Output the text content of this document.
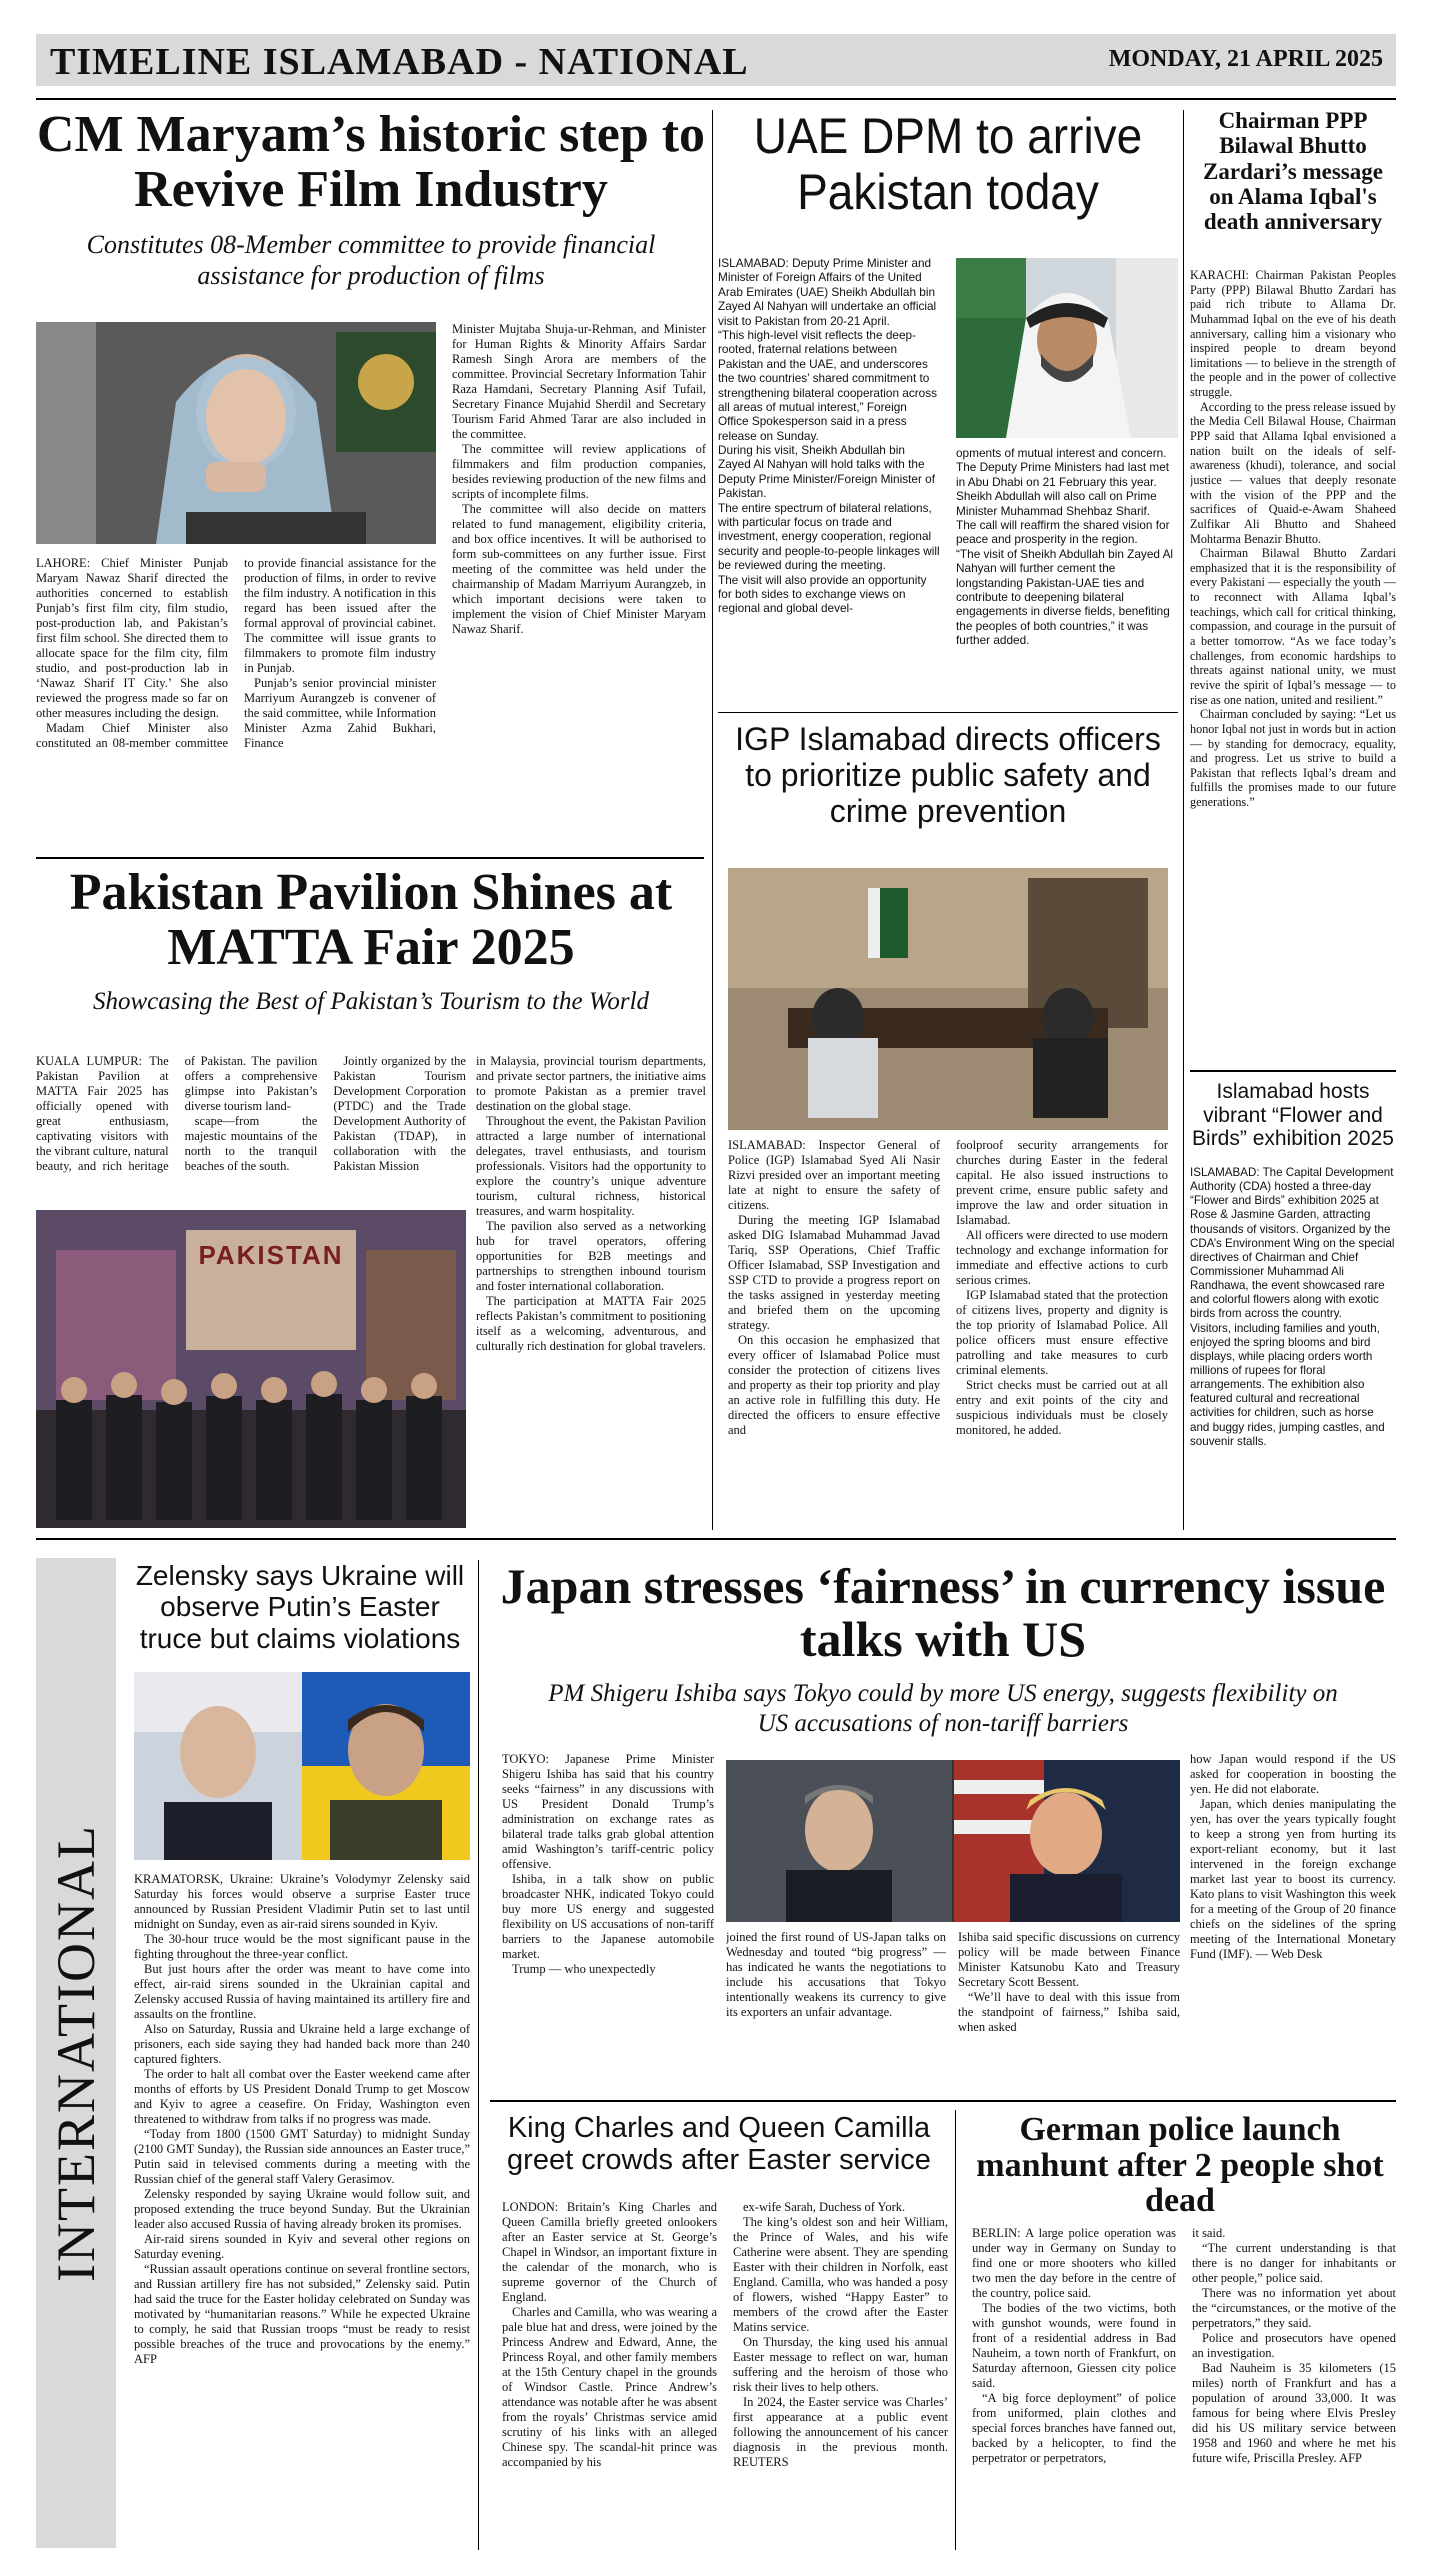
TIMELINE ISLAMABAD - NATIONAL	MONDAY, 21 APRIL 2025
CM Maryam’s historic step to Revive Film Industry

Constitutes 08-Member committee to provide financial assistance for production of films

Minister Mujtaba Shuja-ur-Rehman, and Minister for Human Rights & Minority Affairs Sardar Ramesh Singh Arora are members of the committee. Provincial Secretary Information Tahir Raza Hamdani, Secretary Planning Asif Tufail, Secretary Finance Mujahid Sherdil and Secretary Tourism Farid Ahmed Tarar are also included in the committee.

The committee will review applications of filmmakers and film production companies, besides reviewing production of the new films and scripts of incomplete films.

The committee will also decide on matters related to fund management, eligibility criteria, and box office incentives. It will be authorised to form sub-committees on any further issue. First meeting of the committee was held under the chairmanship of Madam Marriyum Aurangzeb, in which important decisions were taken to implement the vision of Chief Minister Maryam Nawaz Sharif.

LAHORE: Chief Minister Punjab Maryam Nawaz Sharif directed the authorities concerned to establish Punjab’s first film city, film studio, post-production lab, and Pakistan’s first film school. She directed them to allocate space for the film city, film studio, and post-production lab in ‘Nawaz Sharif IT City.’ She also reviewed the progress made so far on other measures including the design.

Madam Chief Minister also constituted an 08-member committee to provide financial assistance for the production of films, in order to revive the film industry. A notification in this regard has been issued after the formal approval of provincial cabinet. The committee will issue grants to filmmakers to promote film industry in Punjab.

Punjab’s senior provincial minister Marriyum Aurangzeb is convener of the said committee, while Information Minister Azma Zahid Bukhari, Finance

UAE DPM to arrive Pakistan today

ISLAMABAD: Deputy Prime Minister and Minister of Foreign Affairs of the United Arab Emirates (UAE) Sheikh Abdullah bin Zayed Al Nahyan will undertake an official visit to Pakistan from 20-21 April.

“This high-level visit reflects the deep-rooted, fraternal relations between Pakistan and the UAE, and underscores the two countries’ shared commitment to strengthening bilateral cooperation across all areas of mutual interest,” Foreign Office Spokesperson said in a press release on Sunday.

During his visit, Sheikh Abdullah bin Zayed Al Nahyan will hold talks with the Deputy Prime Minister/Foreign Minister of Pakistan.

The entire spectrum of bilateral relations, with particular focus on trade and investment, energy cooperation, regional security and people-to-people linkages will be reviewed during the meeting.

The visit will also provide an opportunity for both sides to exchange views on regional and global devel-

opments of mutual interest and concern. The Deputy Prime Ministers had last met in Abu Dhabi on 21 February this year. Sheikh Abdullah will also call on Prime Minister Muhammad Shehbaz Sharif.

The call will reaffirm the shared vision for peace and prosperity in the region.

“The visit of Sheikh Abdullah bin Zayed Al Nahyan will further cement the longstanding Pakistan-UAE ties and contribute to deepening bilateral engagements in diverse fields, benefiting the peoples of both countries,” it was further added.

IGP Islamabad directs officers to prioritize public safety and crime prevention

ISLAMABAD: Inspector General of Police (IGP) Islamabad Syed Ali Nasir Rizvi presided over an important meeting late at night to ensure the safety of citizens.

During the meeting IGP Islamabad asked DIG Islamabad Muhammad Javad Tariq, SSP Operations, Chief Traffic Officer Islamabad, SSP Investigation and SSP CTD to provide a progress report on the tasks assigned in yesterday meeting and briefed them on the upcoming strategy.

On this occasion he emphasized that every officer of Islamabad Police must consider the protection of citizens lives and property as their top priority and play an active role in fulfilling this duty. He directed the officers to ensure effective and

foolproof security arrangements for churches during Easter in the federal capital. He also issued instructions to prevent crime, ensure public safety and improve the law and order situation in Islamabad.

All officers were directed to use modern technology and exchange information for immediate and effective actions to curb serious crimes.

IGP Islamabad stated that the protection of citizens lives, property and dignity is the top priority of Islamabad Police. All police officers must ensure effective patrolling and take measures to curb criminal elements.

Strict checks must be carried out at all entry and exit points of the city and suspicious individuals must be closely monitored, he added.

Chairman PPP Bilawal Bhutto Zardari’s message on Alama Iqbal's death anniversary

KARACHI: Chairman Pakistan Peoples Party (PPP) Bilawal Bhutto Zardari has paid rich tribute to Allama Dr. Muhammad Iqbal on the eve of his death anniversary, calling him a visionary who inspired people to dream beyond limitations — to believe in the strength of the people and in the power of collective struggle.

According to the press release issued by the Media Cell Bilawal House, Chairman PPP said that Allama Iqbal envisioned a nation built on the ideals of self-awareness (khudi), tolerance, and social justice — values that deeply resonate with the vision of the PPP and the sacrifices of Quaid-e-Awam Shaheed Zulfikar Ali Bhutto and Shaheed Mohtarma Benazir Bhutto.

Chairman Bilawal Bhutto Zardari emphasized that it is the responsibility of every Pakistani — especially the youth — to reconnect with Allama Iqbal’s teachings, which call for critical thinking, compassion, and courage in the pursuit of a better tomorrow. “As we face today’s challenges, from economic hardships to threats against national unity, we must revive the spirit of Iqbal’s message — to rise as one nation, united and resilient.”

Chairman concluded by saying: “Let us honor Iqbal not just in words but in action — by standing for democracy, equality, and progress. Let us strive to build a Pakistan that reflects Iqbal’s dream and fulfills the promises made to our future generations.”

Islamabad hosts vibrant “Flower and Birds” exhibition 2025

ISLAMABAD: The Capital Development Authority (CDA) hosted a three-day “Flower and Birds” exhibition 2025 at Rose & Jasmine Garden, attracting thousands of visitors. Organized by the CDA’s Environment Wing on the special directives of Chairman and Chief Commissioner Muhammad Ali Randhawa, the event showcased rare and colorful flowers along with exotic birds from across the country.

Visitors, including families and youth, enjoyed the spring blooms and bird displays, while placing orders worth millions of rupees for floral arrangements. The exhibition also featured cultural and recreational activities for children, such as horse and buggy rides, jumping castles, and souvenir stalls.

Pakistan Pavilion Shines at MATTA Fair 2025

Showcasing the Best of Pakistan’s Tourism to the World

KUALA LUMPUR: The Pakistan Pavilion at MATTA Fair 2025 has officially opened with great enthusiasm, captivating visitors with the vibrant culture, natural beauty, and rich heritage of Pakistan. The pavilion offers a comprehensive glimpse into Pakistan’s diverse tourism land-

scape—from the majestic mountains of the north to the tranquil beaches of the south.

Jointly organized by the Pakistan Tourism Development Corporation (PTDC) and the Trade Development Authority of Pakistan (TDAP), in collaboration with the Pakistan Mission

PAKISTAN

in Malaysia, provincial tourism departments, and private sector partners, the initiative aims to promote Pakistan as a premier travel destination on the global stage.

Throughout the event, the Pakistan Pavilion attracted a large number of international delegates, travel enthusiasts, and tourism professionals. Visitors had the opportunity to explore the country’s unique adventure tourism, cultural richness, historical treasures, and warm hospitality.

The pavilion also served as a networking hub for travel operators, offering opportunities for B2B meetings and partnerships to strengthen inbound tourism and foster international collaboration.

The participation at MATTA Fair 2025 reflects Pakistan’s commitment to positioning itself as a welcoming, adventurous, and culturally rich destination for global travelers.

INTERNATIONAL
Zelensky says Ukraine will observe Putin’s Easter truce but claims violations

KRAMATORSK, Ukraine: Ukraine’s Volodymyr Zelensky said Saturday his forces would observe a surprise Easter truce announced by Russian President Vladimir Putin set to last until midnight on Sunday, even as air-raid sirens sounded in Kyiv.

The 30-hour truce would be the most significant pause in the fighting throughout the three-year conflict.

But just hours after the order was meant to have come into effect, air-raid sirens sounded in the Ukrainian capital and Zelensky accused Russia of having maintained its artillery fire and assaults on the frontline.

Also on Saturday, Russia and Ukraine held a large exchange of prisoners, each side saying they had handed back more than 240 captured fighters.

The order to halt all combat over the Easter weekend came after months of efforts by US President Donald Trump to get Moscow and Kyiv to agree a ceasefire. On Friday, Washington even threatened to withdraw from talks if no progress was made.

“Today from 1800 (1500 GMT Saturday) to midnight Sunday (2100 GMT Sunday), the Russian side announces an Easter truce,” Putin said in televised comments during a meeting with the Russian chief of the general staff Valery Gerasimov.

Zelensky responded by saying Ukraine would follow suit, and proposed extending the truce beyond Sunday. But the Ukrainian leader also accused Russia of having already broken its promises.

Air-raid sirens sounded in Kyiv and several other regions on Saturday evening.

“Russian assault operations continue on several frontline sectors, and Russian artillery fire has not subsided,” Zelensky said. Putin had said the truce for the Easter holiday celebrated on Sunday was motivated by “humanitarian reasons.” While he expected Ukraine to comply, he said that Russian troops “must be ready to resist possible breaches of the truce and provocations by the enemy.” AFP

Japan stresses ‘fairness’ in currency issue talks with US

PM Shigeru Ishiba says Tokyo could by more US energy, suggests flexibility on US accusations of non-tariff barriers

TOKYO: Japanese Prime Minister Shigeru Ishiba has said that his country seeks “fairness” in any discussions with US President Donald Trump’s administration on exchange rates as bilateral trade talks grab global attention amid Washington’s tariff-centric policy offensive.

Ishiba, in a talk show on public broadcaster NHK, indicated Tokyo could buy more US energy and suggested flexibility on US accusations of non-tariff barriers to the Japanese automobile market.

Trump — who unexpectedly

joined the first round of US-Japan talks on Wednesday and touted “big progress” — has indicated he wants the negotiations to include his accusations that Tokyo intentionally weakens its currency to give its exporters an unfair advantage.

Ishiba said specific discussions on currency policy will be made between Finance Minister Katsunobu Kato and Treasury Secretary Scott Bessent.

“We’ll have to deal with this issue from the standpoint of fairness,” Ishiba said, when asked

how Japan would respond if the US asked for cooperation in boosting the yen. He did not elaborate.

Japan, which denies manipulating the yen, has over the years typically fought to keep a strong yen from hurting its export-reliant economy, but it last intervened in the foreign exchange market last year to boost its currency. Kato plans to visit Washington this week for a meeting of the Group of 20 finance chiefs on the sidelines of the spring meeting of the International Monetary Fund (IMF). — Web Desk

King Charles and Queen Camilla greet crowds after Easter service

LONDON: Britain’s King Charles and Queen Camilla briefly greeted onlookers after an Easter service at St. George’s Chapel in Windsor, an important fixture in the calendar of the monarch, who is supreme governor of the Church of England.

Charles and Camilla, who was wearing a pale blue hat and dress, were joined by the Princess Andrew and Edward, Anne, the Princess Royal, and other family members at the 15th Century chapel in the grounds of Windsor Castle. Prince Andrew’s attendance was notable after he was absent from the royals’ Christmas service amid scrutiny of his links with an alleged Chinese spy. The scandal-hit prince was accompanied by his

ex-wife Sarah, Duchess of York.

The king’s oldest son and heir William, the Prince of Wales, and his wife Catherine were absent. They are spending Easter with their children in Norfolk, east England. Camilla, who was handed a posy of flowers, wished “Happy Easter” to members of the crowd after the Easter Matins service.

On Thursday, the king used his annual Easter message to reflect on war, human suffering and the heroism of those who risk their lives to help others.

In 2024, the Easter service was Charles’ first appearance at a public event following the announcement of his cancer diagnosis in the previous month. REUTERS

German police launch manhunt after 2 people shot dead

BERLIN: A large police operation was under way in Germany on Sunday to find one or more shooters who killed two men the day before in the centre of the country, police said.

The bodies of the two victims, both with gunshot wounds, were found in front of a residential address in Bad Nauheim, a town north of Frankfurt, on Saturday afternoon, Giessen city police said.

“A big force deployment” of police from uniformed, plain clothes and special forces branches have fanned out, backed by a helicopter, to find the perpetrator or perpetrators,

it said.

“The current understanding is that there is no danger for inhabitants or other people,” police said.

There was no information yet about the “circumstances, or the motive of the perpetrators,” they said.

Police and prosecutors have opened an investigation.

Bad Nauheim is 35 kilometers (15 miles) north of Frankfurt and has a population of around 33,000. It was famous for being where Elvis Presley did his US military service between 1958 and 1960 and where he met his future wife, Priscilla Presley. AFP
